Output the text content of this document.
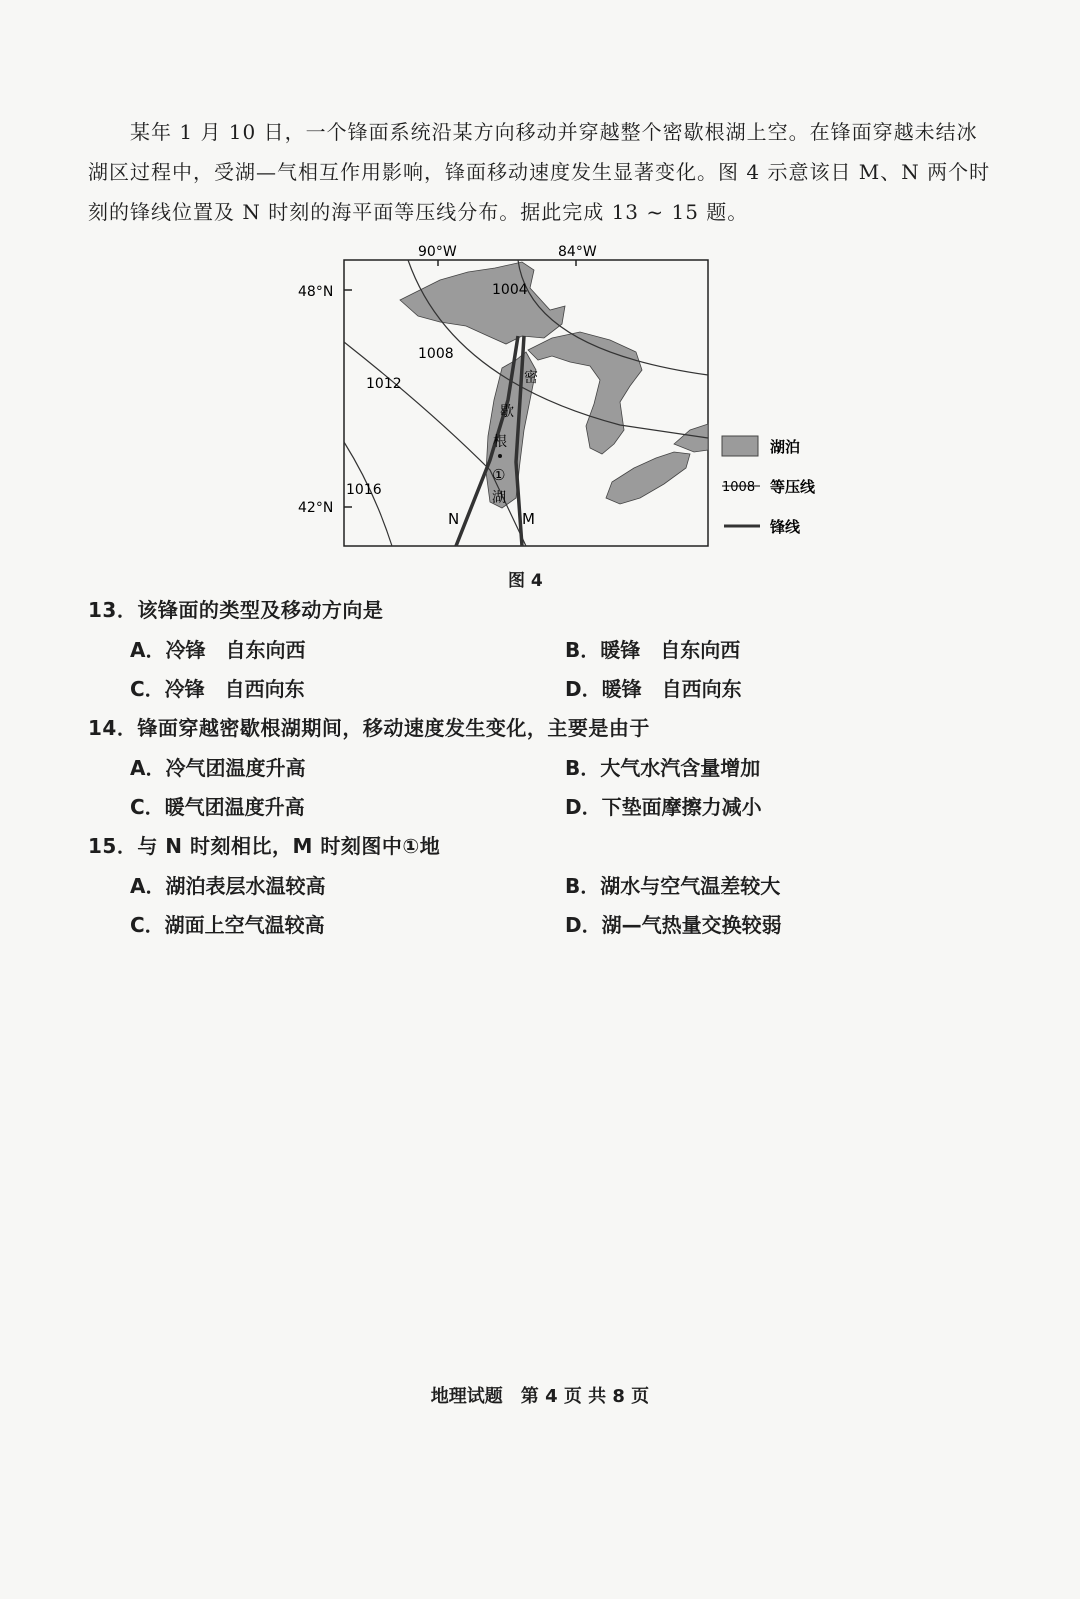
某年 1 月 10 日，一个锋面系统沿某方向移动并穿越整个密歇根湖上空。在锋面穿越未结冰湖区过程中，受湖—气相互作用影响，锋面移动速度发生显著变化。图 4 示意该日 M、N 两个时刻的锋线位置及 N 时刻的海平面等压线分布。据此完成 13 ~ 15 题。

90°W	84°W
48°N
42°N
1004
1008
1012
1016
密
歇
根
①
湖
N	M
湖泊
1008 等压线
锋线
图 4
13．该锋面的类型及移动方向是
A．冷锋　自东向西	B．暖锋　自东向西
C．冷锋　自西向东	D．暖锋　自西向东
14．锋面穿越密歇根湖期间，移动速度发生变化，主要是由于
A．冷气团温度升高	B．大气水汽含量增加
C．暖气团温度升高	D．下垫面摩擦力减小
15．与 N 时刻相比，M 时刻图中①地
A．湖泊表层水温较高	B．湖水与空气温差较大
C．湖面上空气温较高	D．湖—气热量交换较弱
地理试题　第 4 页 共 8 页
